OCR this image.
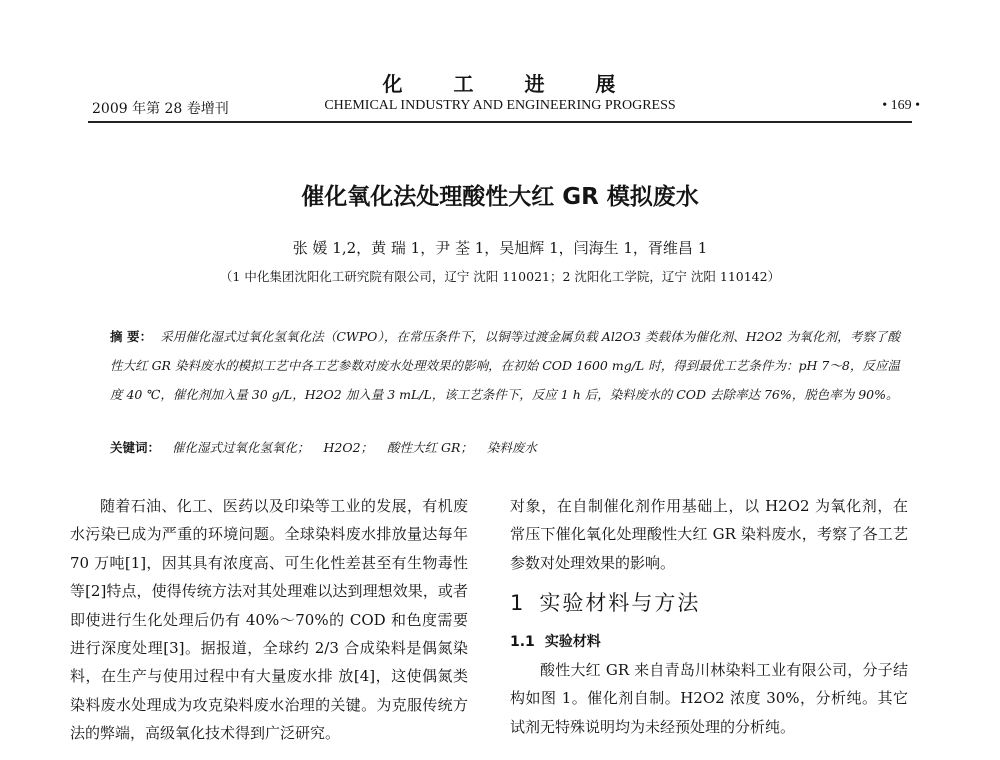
化 工 进 展
2009 年第 28 卷增刊	CHEMICAL INDUSTRY AND ENGINEERING PROGRESS	• 169 •
催化氧化法处理酸性大红 GR 模拟废水
张 媛 1,2，黄 瑞 1，尹 荃 1，吴旭辉 1，闫海生 1，胥维昌 1
（1 中化集团沈阳化工研究院有限公司，辽宁 沈阳 110021；2 沈阳化工学院，辽宁 沈阳 110142）
摘 要： 采用催化湿式过氧化氢氧化法（CWPO），在常压条件下，以铜等过渡金属负载 Al2O3 类载体为催化剂、H2O2 为氧化剂，考察了酸性大红 GR 染料废水的模拟工艺中各工艺参数对废水处理效果的影响，在初始 COD 1600 mg/L 时，得到最优工艺条件为：pH 7～8，反应温度 40 ℃，催化剂加入量 30 g/L，H2O2 加入量 3 mL/L，该工艺条件下，反应 1 h 后，染料废水的 COD 去除率达 76%，脱色率为 90%。
关键词： 催化湿式过氧化氢氧化； H2O2； 酸性大红 GR； 染料废水

随着石油、化工、医药以及印染等工业的发展，有机废水污染已成为严重的环境问题。全球染料废水排放量达每年 70 万吨[1]，因其具有浓度高、可生化性差甚至有生物毒性等[2]特点，使得传统方法对其处理难以达到理想效果，或者即使进行生化处理后仍有 40%～70%的 COD 和色度需要进行深度处理[3]。据报道，全球约 2/3 合成染料是偶氮染料，在生产与使用过程中有大量废水排 放[4]，这使偶氮类染料废水处理成为攻克染料废水治理的关键。为克服传统方法的弊端，高级氧化技术得到广泛研究。

对象，在自制催化剂作用基础上，以 H2O2 为氧化剂，在常压下催化氧化处理酸性大红 GR 染料废水，考察了各工艺参数对处理效果的影响。

1 实验材料与方法
1.1 实验材料

酸性大红 GR 来自青岛川林染料工业有限公司，分子结构如图 1。催化剂自制。H2O2 浓度 30%，分析纯。其它试剂无特殊说明均为未经预处理的分析纯。
